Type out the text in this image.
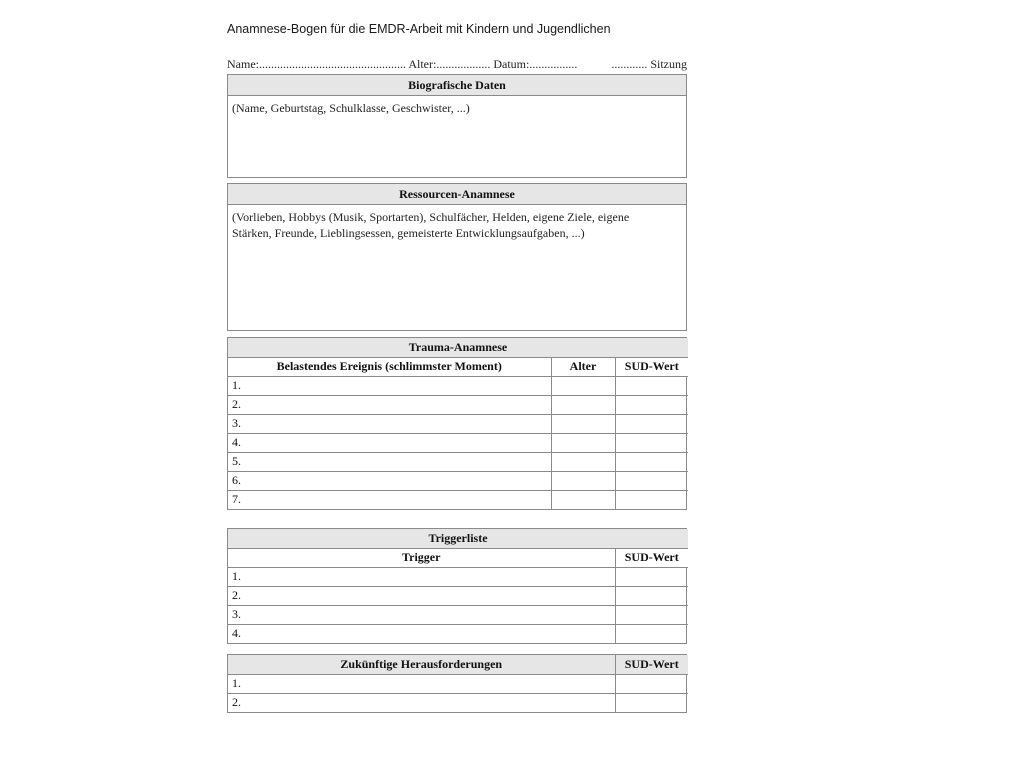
Anamnese-Bogen für die EMDR-Arbeit mit Kindern und Jugendlichen
Name:................................................. Alter:.................. Datum:................	............ Sitzung
Biografische Daten
(Name, Geburtstag, Schulklasse, Geschwister, ...)
Ressourcen-Anamnese
(Vorlieben, Hobbys (Musik, Sportarten), Schulfächer, Helden, eigene Ziele, eigene
Stärken, Freunde, Lieblingsessen, gemeisterte Entwicklungsaufgaben, ...)
Trauma-Anamnese		
Belastendes Ereignis (schlimmster Moment)	Alter	SUD-Wert
1.		
2.		
3.		
4.		
5.		
6.		
7.		
Triggerliste	
Trigger	SUD-Wert
1.	
2.	
3.	
4.	
Zukünftige Herausforderungen	SUD-Wert
1.	
2.	
